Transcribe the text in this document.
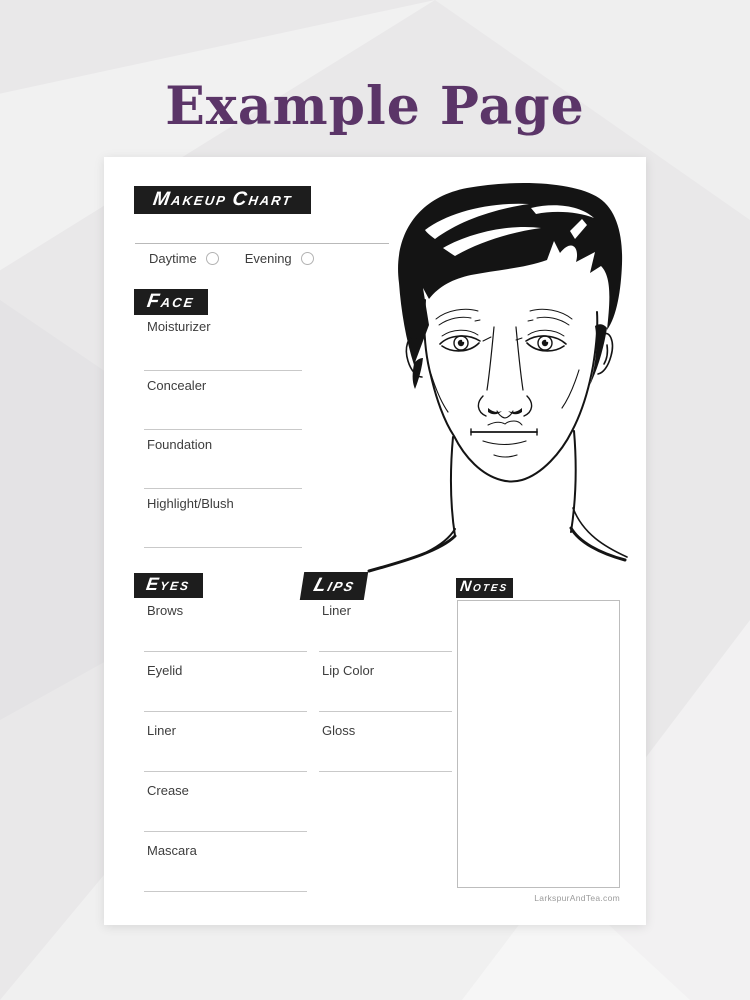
Example Page
MAKEUP CHART
Daytime	Evening
FACE
Moisturizer
Concealer
Foundation
Highlight/Blush
EYES
Brows
Eyelid
Liner
Crease
Mascara
LIPS
Liner
Lip Color
Gloss
NOTES
LarkspurAndTea.com
